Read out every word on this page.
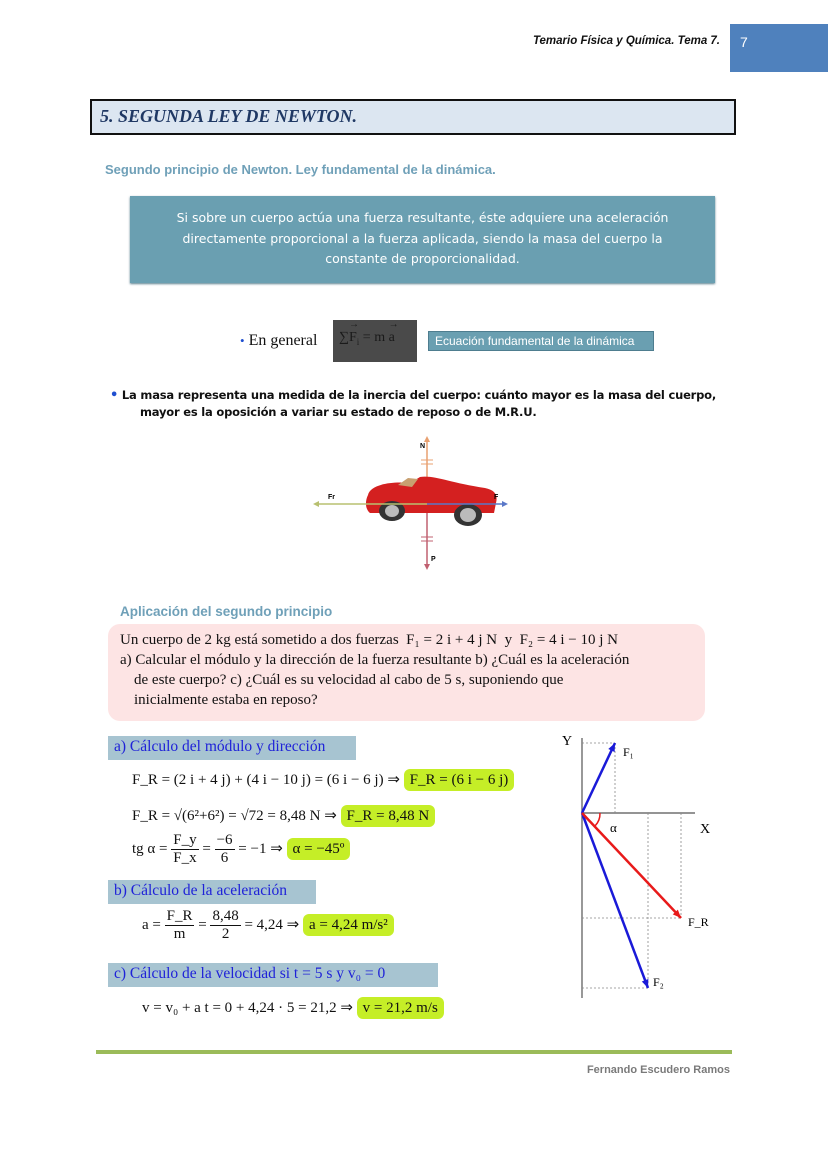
Temario Física y Química. Tema 7.	7
5. SEGUNDA LEY DE NEWTON.
Segundo principio de Newton. Ley fundamental de la dinámica.
Si sobre un cuerpo actúa una fuerza resultante, éste adquiere una aceleración directamente proporcional a la fuerza aplicada, siendo la masa del cuerpo la constante de proporcionalidad.
• En general	∑→ $F_i = m \to a$	Ecuación fundamental de la dinámica
• La masa representa una medida de la inercia del cuerpo: cuánto mayor es la masa del cuerpo,
mayor es la oposición a variar su estado de reposo o de M.R.U.
N
Fr	F
P
Aplicación del segundo principio
Un cuerpo de 2 kg está sometido a dos fuerzas F₁ = 2 i + 4 j N y F₂ = 4 i − 10 j N
a) Calcular el módulo y la dirección de la fuerza resultante b) ¿Cuál es la aceleración
de este cuerpo? c) ¿Cuál es su velocidad al cabo de 5 s, suponiendo que
inicialmente estaba en reposo?
a) Cálculo del módulo y dirección
F_R = (2 i + 4 j) + (4 i − 10 j) = (6 i − 6 j) ⇒ F_R = (6 i − 6 j)
F_R = √(6²+6²) = √72 = 8,48 N ⇒ F_R = 8,48 N
tg $\alpha = \frac{F\_y}{F\_x} = \frac{-6}{6} = -1$ ⇒ α = −45º
b) Cálculo de la aceleración
$a = \frac{F\_R}{m} = \frac{8,48}{2} = 4,24$ ⇒ a = 4,24 m/s²
c) Cálculo de la velocidad si t = 5 s y v₀ = 0
v = v₀ + a t = 0 + 4,24 · 5 = 21,2 ⇒ v = 21,2 m/s
Y
X
α
F₁
F_R
F₂
Fernando Escudero Ramos
